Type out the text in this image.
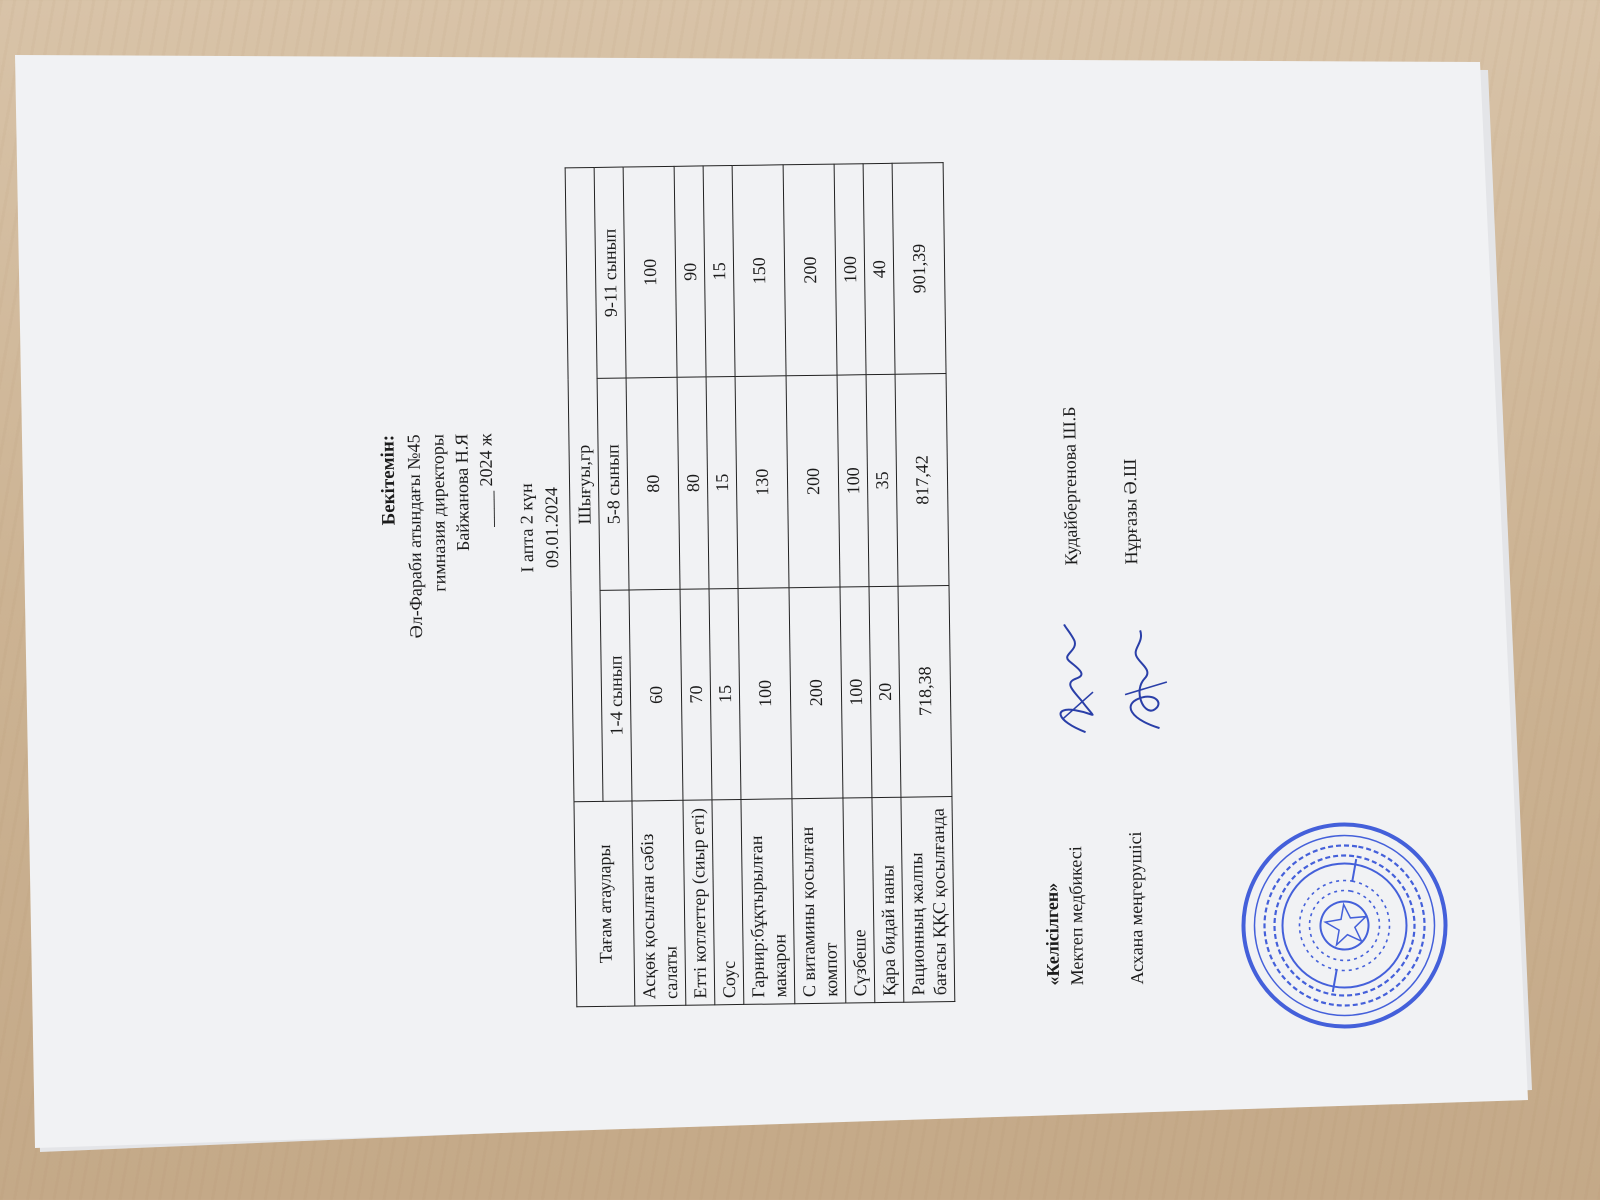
Бекітемін: Әл-Фараби атындағы №45 гимназия директоры Байжанова Н.Я ____ 2024 ж
І апта 2 күн 09.01.2024
Тағам атаулары	Шығуы,гр		
	1-4 сынып	5-8 сынып	9-11 сынып
Асқөк қосылған сәбіз салаты	60	80	100
Етті котлеттер (сиыр еті)	70	80	90
Соус	15	15	15
Гарнир:бұқтырылған макарон	100	130	150
С витамины қосылған компот	200	200	200
Сүзбеше	100	100	100
Қара бидай наны	20	35	40
Рационның жалпы бағасы ҚҚС қосылғанда	718,38	817,42	901,39
«Келісілген» Мектеп медбикесі
Кудайбергенова Ш.Б
Асхана меңгерушісі
Нұрғазы Ә.Ш
